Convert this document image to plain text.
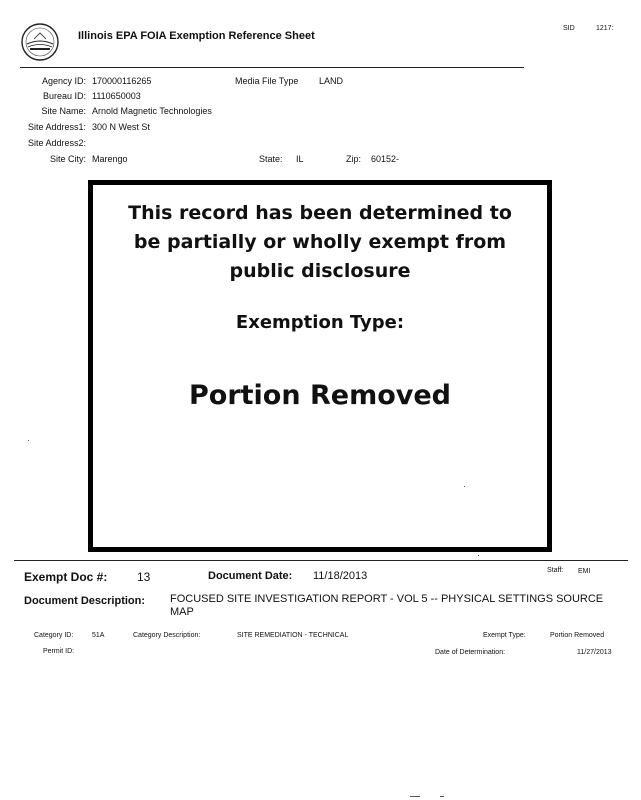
Illinois EPA FOIA Exemption Reference Sheet
SID	1217:
Agency ID: 170000116265	Media File Type LAND
Bureau ID: 1110650003
Site Name: Arnold Magnetic Technologies
Site Address1: 300 N West St
Site Address2:
Site City: Marengo	State: IL	Zip: 60152-
This record has been determined to
be partially or wholly exempt from
public disclosure
Exemption Type:
Portion Removed
Exempt Doc #: 13	Document Date: 11/18/2013	Staff: EMI
Document Description: FOCUSED SITE INVESTIGATION REPORT - VOL 5 -- PHYSICAL SETTINGS SOURCE MAP
Category ID:	51A	Category Description:	SITE REMEDIATION - TECHNICAL	Exempt Type:	Portion Removed
Permit ID:	Date of Determination:	11/27/2013
